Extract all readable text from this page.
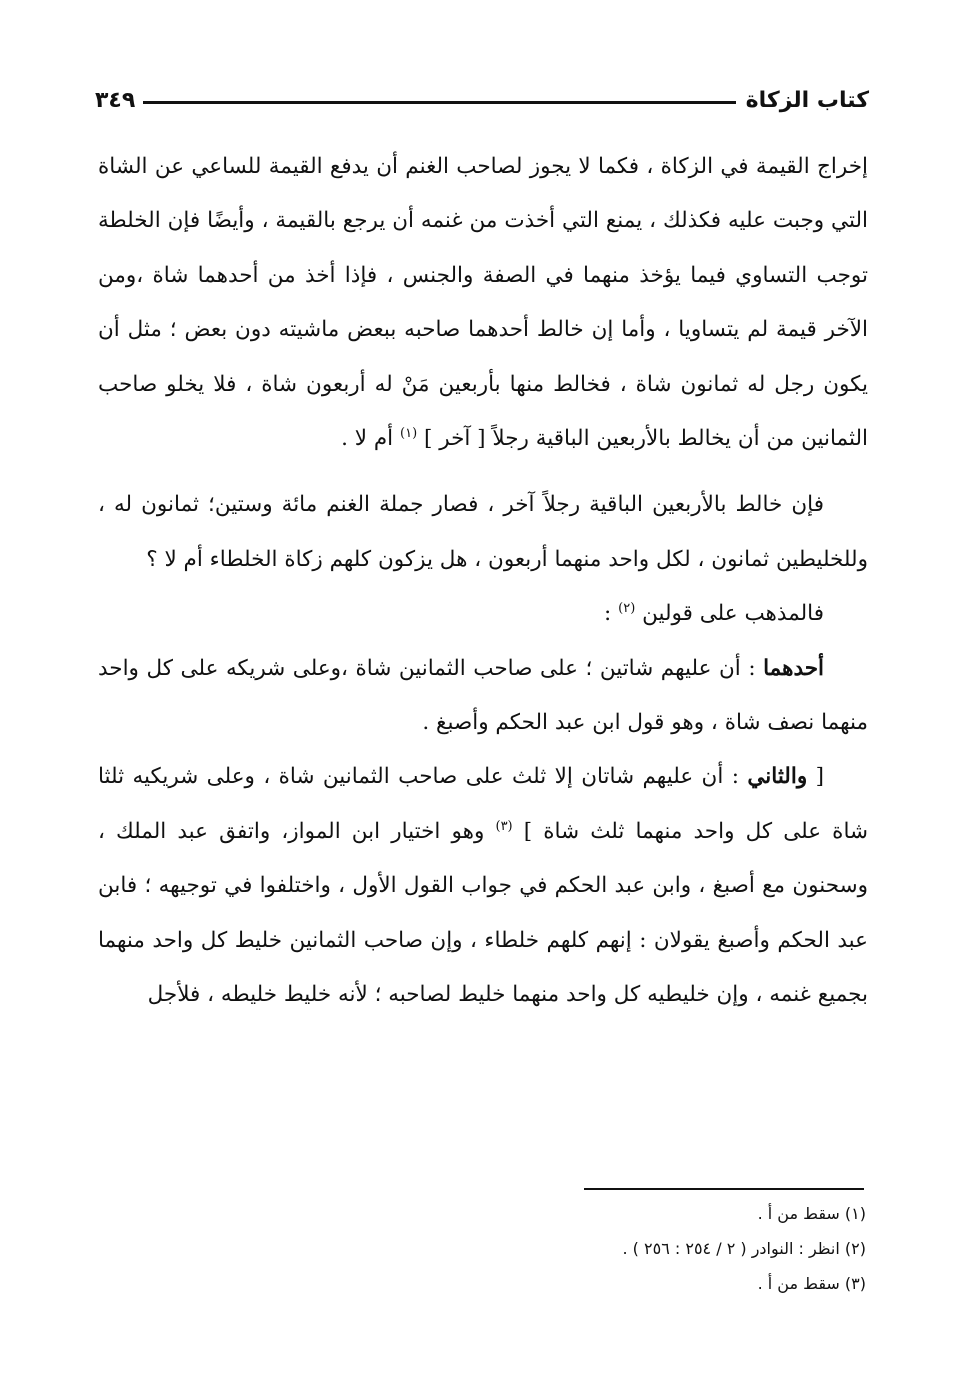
كتاب الزكاة
٣٤٩

إخراج القيمة في الزكاة ، فكما لا يجوز لصاحب الغنم أن يدفع القيمة للساعي عن الشاة التي وجبت عليه فكذلك ، يمنع التي أخذت من غنمه أن يرجع بالقيمة ، وأيضًا فإن الخلطة توجب التساوي فيما يؤخذ منهما في الصفة والجنس ، فإذا أخذ من أحدهما شاة ،ومن الآخر قيمة لم يتساويا ، وأما إن خالط أحدهما صاحبه ببعض ماشيته دون بعض ؛ مثل أن يكون رجل له ثمانون شاة ، فخالط منها بأربعين مَنْ له أربعون شاة ، فلا يخلو صاحب الثمانين من أن يخالط بالأربعين الباقية رجلاً [ آخر ] $^{(١)}$ أم لا .

فإن خالط بالأربعين الباقية رجلاً آخر ، فصار جملة الغنم مائة وستين؛ ثمانون له ، وللخليطين ثمانون ، لكل واحد منهما أربعون ، هل يزكون كلهم زكاة الخلطاء أم لا ؟

فالمذهب على قولين $^{(٢)}$ :

أحدهما : أن عليهم شاتين ؛ على صاحب الثمانين شاة ،وعلى شريكه على كل واحد منهما نصف شاة ، وهو قول ابن عبد الحكم وأصبغ .

[ والثاني : أن عليهم شاتان إلا ثلث على صاحب الثمانين شاة ، وعلى شريكيه ثلثا شاة على كل واحد منهما ثلث شاة ] $^{(٣)}$ وهو اختيار ابن المواز، واتفق عبد الملك ، وسحنون مع أصبغ ، وابن عبد الحكم في جواب القول الأول ، واختلفوا في توجيهه ؛ فابن عبد الحكم وأصبغ يقولان : إنهم كلهم خلطاء ، وإن صاحب الثمانين خليط كل واحد منهما بجميع غنمه ، وإن خليطيه كل واحد منهما خليط لصاحبه ؛ لأنه خليط خليطه ، فلأجل

(١) سقط من أ .

(٢) انظر : النوادر ( ٢ / ٢٥٤ : ٢٥٦ ) .

(٣) سقط من أ .
